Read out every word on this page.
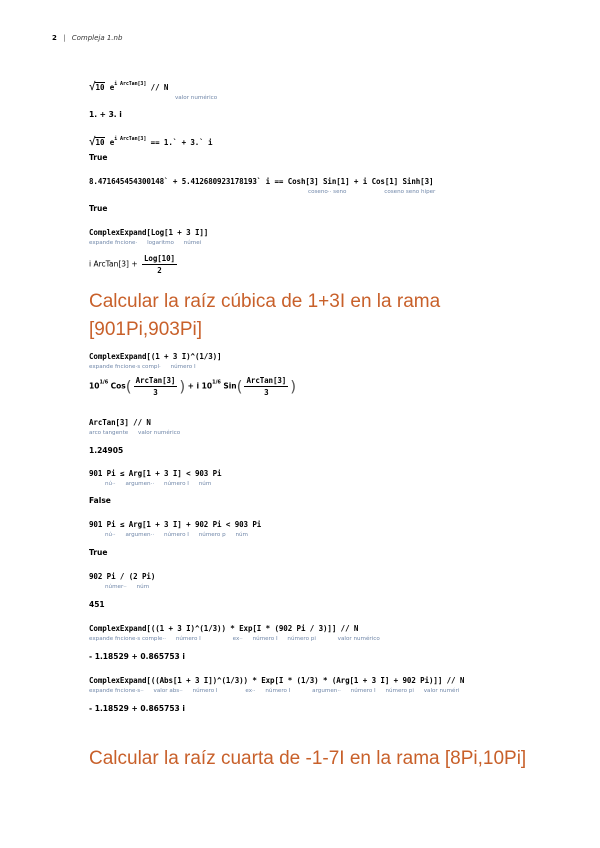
2 | Compleja 1.nb
√10 $e^{i ArcTan[3]}$ // N
valor numérico
1. + 3. i
√10 $e^{i ArcTan[3]}$ == 1.` + 3.` i
True
8.471645454300148` + 5.412680923178193` i == Cosh[3] Sin[1] + i Cos[1] Sinh[3]
coseno·· seno	coseno seno hiper
True
ComplexExpand[Log[1 + 3 I]]
expande fncione· logaritmo númei
i ArcTan[3] + $\frac{\text{Log[10]}}{2}$
Calcular la raíz cúbica de 1+3I en la rama
[901Pi,903Pi]
ComplexExpand[(1 + 3 I)^(1/3)]
expande fncione·s compl· número I
$10^{1/6}$ $Cos( \frac{\text{ArcTan[3]}}{3}$ ) + i $10^{1/6}$ $Sin( \frac{\text{ArcTan[3]}}{3}$ )
ArcTan[3] // N
arco tangente valor numérico
1.24905
901 Pi ≤ Arg[1 + 3 I] < 903 Pi
nú·· argumen·· número I núm
False
901 Pi ≤ Arg[1 + 3 I] + 902 Pi < 903 Pi
nú·· argumen·· número I número p núm
True
902 Pi / (2 Pi)
númer·· núm
451
ComplexExpand[((1 + 3 I)^(1/3)) * Exp[I * (902 Pi / 3)]] // N
expande fncione·s comple·· número I	ex·· número I número pi	valor numérico
- 1.18529 + 0.865753 i
ComplexExpand[((Abs[1 + 3 I])^(1/3)) * Exp[I * (1/3) * (Arg[1 + 3 I] + 902 Pi)]] // N
expande fncione·s·· valor abs·· número I	ex·· número I	argumen·· número I número pi valor numéri
- 1.18529 + 0.865753 i
Calcular la raíz cuarta de -1-7I en la rama [8Pi,10Pi]
